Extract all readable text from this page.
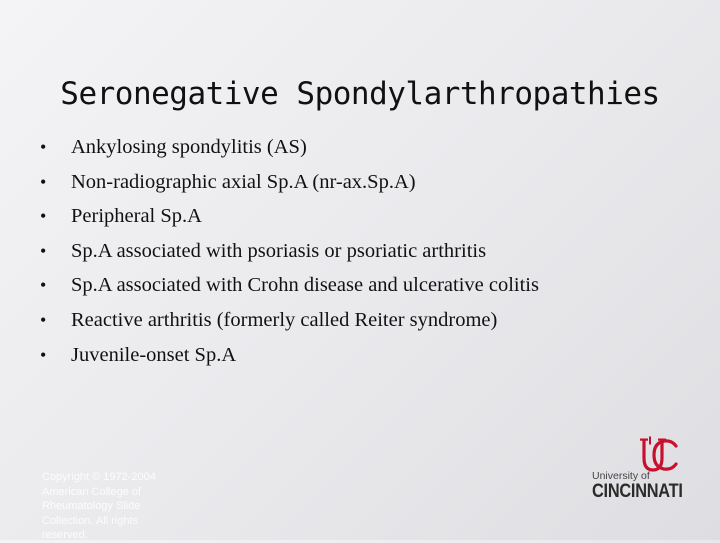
Seronegative Spondylarthropathies
• Ankylosing spondylitis (AS)
• Non-radiographic axial Sp.A (nr-ax.Sp.A)
• Peripheral Sp.A
• Sp.A associated with psoriasis or psoriatic arthritis
• Sp.A associated with Crohn disease and ulcerative colitis
• Reactive arthritis (formerly called Reiter syndrome)
• Juvenile-onset Sp.A
Copyright © 1972-2004
American College of
Rheumatology Slide
Collection. All rights
reserved.
University of
CINCINNATI
